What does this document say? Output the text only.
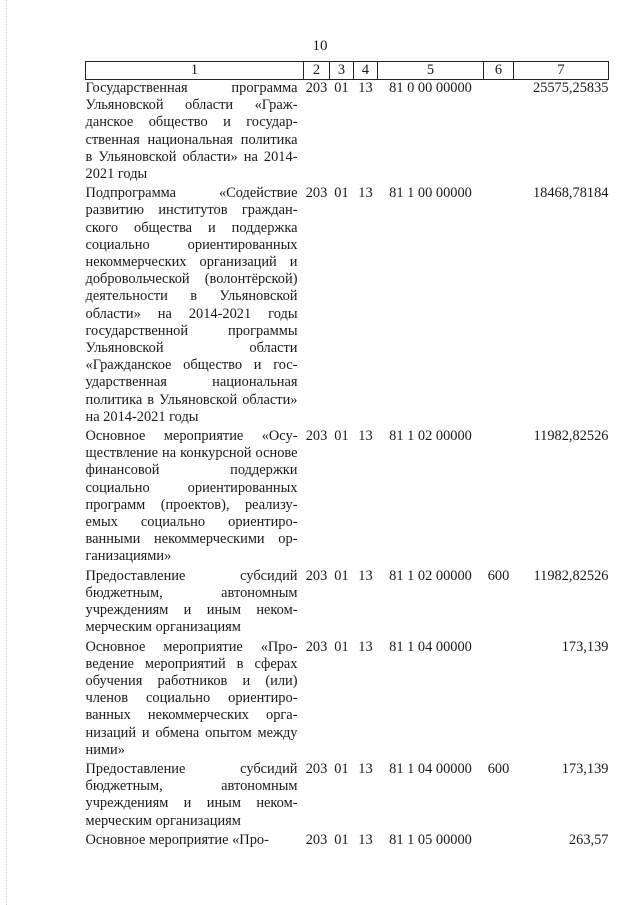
10
1	2	3	4	5	6	7
Государственная программа Ульяновской области «Гражданское общество и государственная национальная политика в Ульяновской области» на 2014-2021 годы	203	01	13	81 0 00 00000		25575,25835
Подпрограмма «Содействие развитию институтов гражданского общества и поддержка социально ориентированных некоммерческих организаций и добровольческой (волонтёрской) деятельности в Ульяновской области» на 2014-2021 годы государственной программы Ульяновской области «Гражданское общество и государственная национальная политика в Ульяновской области» на 2014-2021 годы	203	01	13	81 1 00 00000		18468,78184
Основное мероприятие «Осуществление на конкурсной основе финансовой поддержки социально ориентированных программ (проектов), реализуемых социально ориентированными некоммерческими организациями»	203	01	13	81 1 02 00000		11982,82526
Предоставление субсидий бюджетным, автономным учреждениям и иным некоммерческим организациям	203	01	13	81 1 02 00000	600	11982,82526
Основное мероприятие «Проведение мероприятий в сферах обучения работников и (или) членов социально ориентированных некоммерческих организаций и обмена опытом между ними»	203	01	13	81 1 04 00000		173,139
Предоставление субсидий бюджетным, автономным учреждениям и иным некоммерческим организациям	203	01	13	81 1 04 00000	600	173,139
Основное мероприятие «Про-	203	01	13	81 1 05 00000		263,57
